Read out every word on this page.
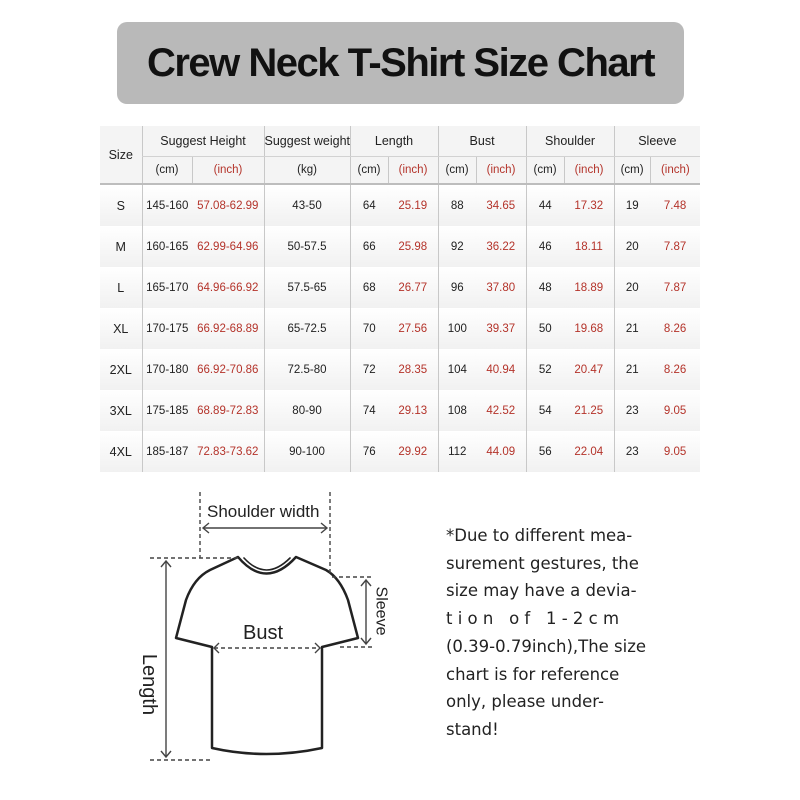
Crew Neck T-Shirt Size Chart
Size	Suggest Height		Suggest weight	Length		Bust		Shoulder		Sleeve	
	(cm)	(inch)	(kg)	(cm)	(inch)	(cm)	(inch)	(cm)	(inch)	(cm)	(inch)
S	145-160	57.08-62.99	43-50	64	25.19	88	34.65	44	17.32	19	7.48
M	160-165	62.99-64.96	50-57.5	66	25.98	92	36.22	46	18.11	20	7.87
L	165-170	64.96-66.92	57.5-65	68	26.77	96	37.80	48	18.89	20	7.87
XL	170-175	66.92-68.89	65-72.5	70	27.56	100	39.37	50	19.68	21	8.26
2XL	170-180	66.92-70.86	72.5-80	72	28.35	104	40.94	52	20.47	21	8.26
3XL	175-185	68.89-72.83	80-90	74	29.13	108	42.52	54	21.25	23	9.05
4XL	185-187	72.83-73.62	90-100	76	29.92	112	44.09	56	22.04	23	9.05
Shoulder width
Bust
Length
Sleeve
*Due to different mea-
surement gestures, the
size may have a devia-
t i o n   o f   1 - 2 c m
(0.39-0.79inch),The size
chart is for reference
only, please under-
stand!
